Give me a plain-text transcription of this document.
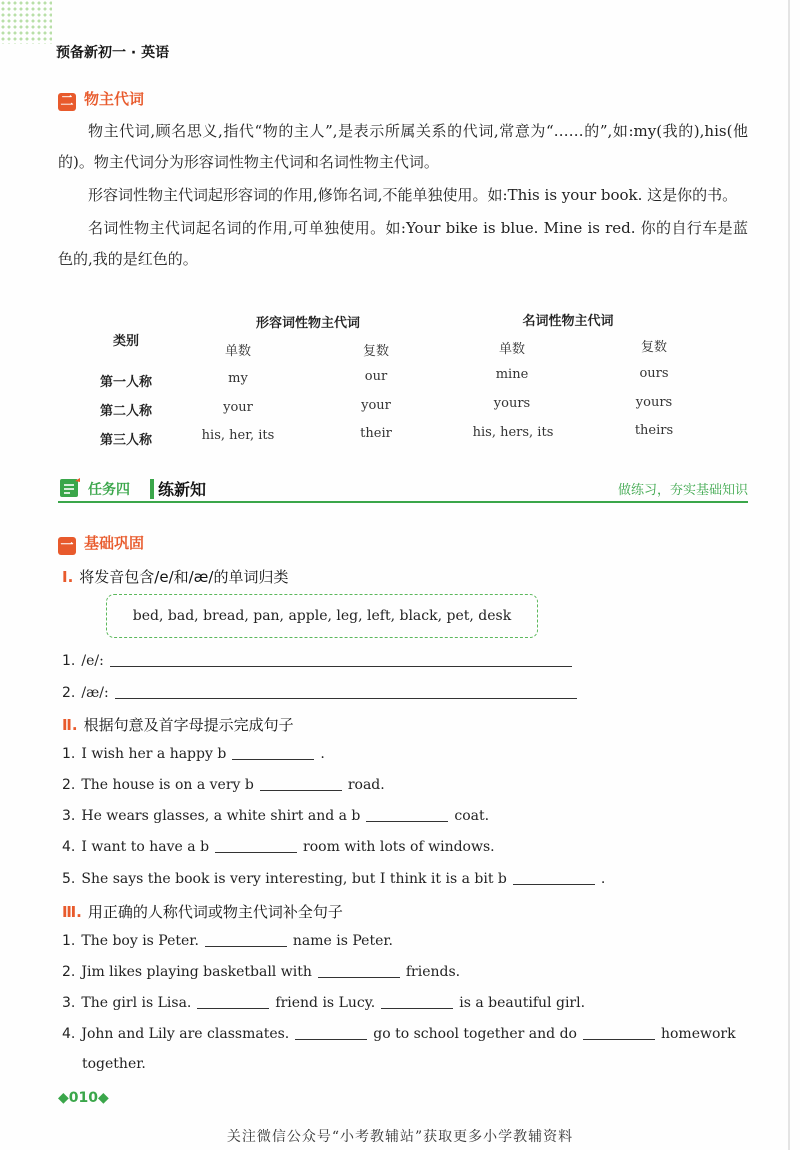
预备新初一 · 英语
二 物主代词

物主代词,顾名思义,指代“物的主人”,是表示所属关系的代词,常意为“……的”,如:my(我的),his(他的)。物主代词分为形容词性物主代词和名词性物主代词。

形容词性物主代词起形容词的作用,修饰名词,不能单独使用。如:This is your book. 这是你的书。

名词性物主代词起名词的作用,可单独使用。如:Your bike is blue. Mine is red. 你的自行车是蓝色的,我的是红色的。

类别
形容词性物主代词	名词性物主代词
单数	复数	单数	复数
第一人称	my	our	mine	ours
第二人称	your	your	yours	yours
第三人称	his, her, its	their	his, hers, its	theirs
任务四 练新知	做练习，夯实基础知识
一 基础巩固
Ⅰ. 将发音包含/e/和/æ/的单词归类
bed, bad, bread, pan, apple, leg, left, black, pet, desk
1. /e/:
2. /æ/:
Ⅱ. 根据句意及首字母提示完成句子
1. I wish her a happy b	.
2. The house is on a very b	road.
3. He wears glasses, a white shirt and a b	coat.
4. I want to have a b	room with lots of windows.
5. She says the book is very interesting, but I think it is a bit b	.
Ⅲ. 用正确的人称代词或物主代词补全句子
1. The boy is Peter.	name is Peter.
2. Jim likes playing basketball with	friends.
3. The girl is Lisa.	friend is Lucy.	is a beautiful girl.
4. John and Lily are classmates.	go to school together and do	homework
together.
◆010◆
关注微信公众号“小考教辅站”获取更多小学教辅资料
